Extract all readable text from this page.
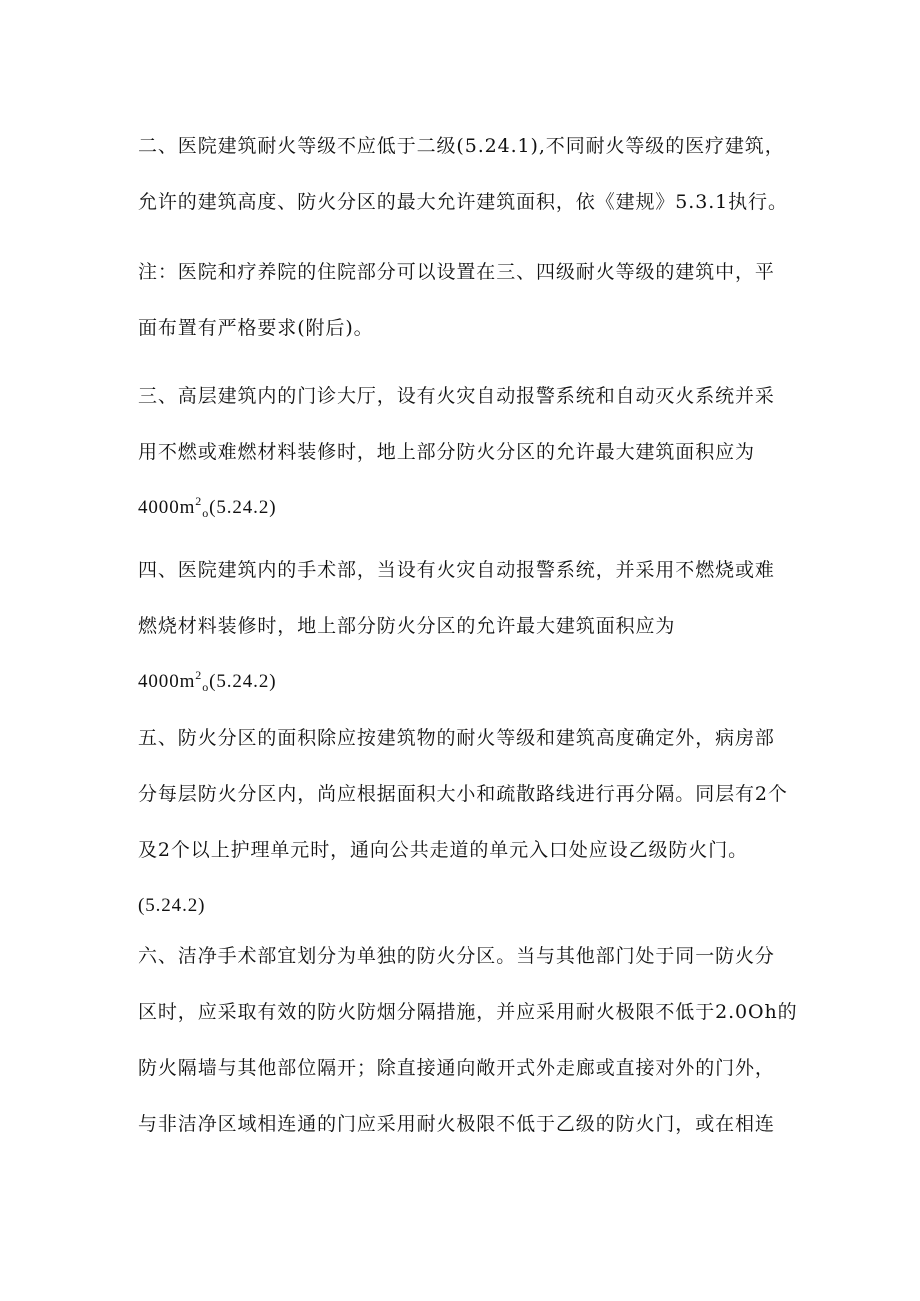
二、医院建筑耐火等级不应低于二级(5.24.1),不同耐火等级的医疗建筑，
允许的建筑高度、防火分区的最大允许建筑面积，依《建规》5.3.1执行。
注：医院和疗养院的住院部分可以设置在三、四级耐火等级的建筑中，平
面布置有严格要求(附后)。
三、高层建筑内的门诊大厅，设有火灾自动报警系统和自动灭火系统并采
用不燃或难燃材料装修时，地上部分防火分区的允许最大建筑面积应为
$4000m^2_o(5.24.2)$
四、医院建筑内的手术部，当设有火灾自动报警系统，并采用不燃烧或难
燃烧材料装修时，地上部分防火分区的允许最大建筑面积应为
$4000m^2_o(5.24.2)$
五、防火分区的面积除应按建筑物的耐火等级和建筑高度确定外，病房部
分每层防火分区内，尚应根据面积大小和疏散路线进行再分隔。同层有2个
及2个以上护理单元时，通向公共走道的单元入口处应设乙级防火门。
(5.24.2)
六、洁净手术部宜划分为单独的防火分区。当与其他部门处于同一防火分
区时，应采取有效的防火防烟分隔措施，并应采用耐火极限不低于2.0Oh的
防火隔墙与其他部位隔开；除直接通向敞开式外走廊或直接对外的门外，
与非洁净区域相连通的门应采用耐火极限不低于乙级的防火门，或在相连
